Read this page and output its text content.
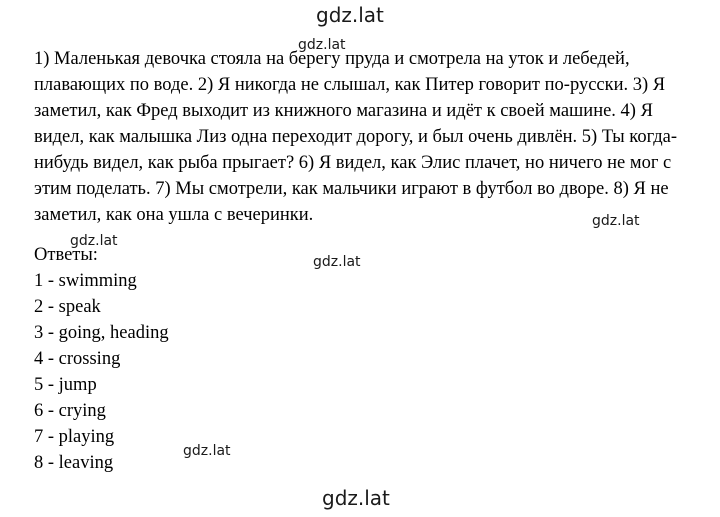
gdz.lat

1) Маленькая девочка стояла на берегу пруда и смотрела на уток и лебедей, плавающих по воде. 2) Я никогда не слышал, как Питер говорит по-русски. 3) Я заметил, как Фред выходит из книжного магазина и идёт к своей машине. 4) Я видел, как малышка Лиз одна переходит дорогу, и был очень дивлён. 5) Ты когда-нибудь видел, как рыба прыгает? 6) Я видел, как Элис плачет, но ничего не мог с этим поделать. 7) Мы смотрели, как мальчики играют в футбол во дворе. 8) Я не заметил, как она ушла с вечеринки.

Ответы:

1 - swimming
2 - speak
3 - going, heading
4 - crossing
5 - jump
6 - crying
7 - playing
8 - leaving
gdz.lat
gdz.lat
gdz.lat
gdz.lat
gdz.lat
gdz.lat
